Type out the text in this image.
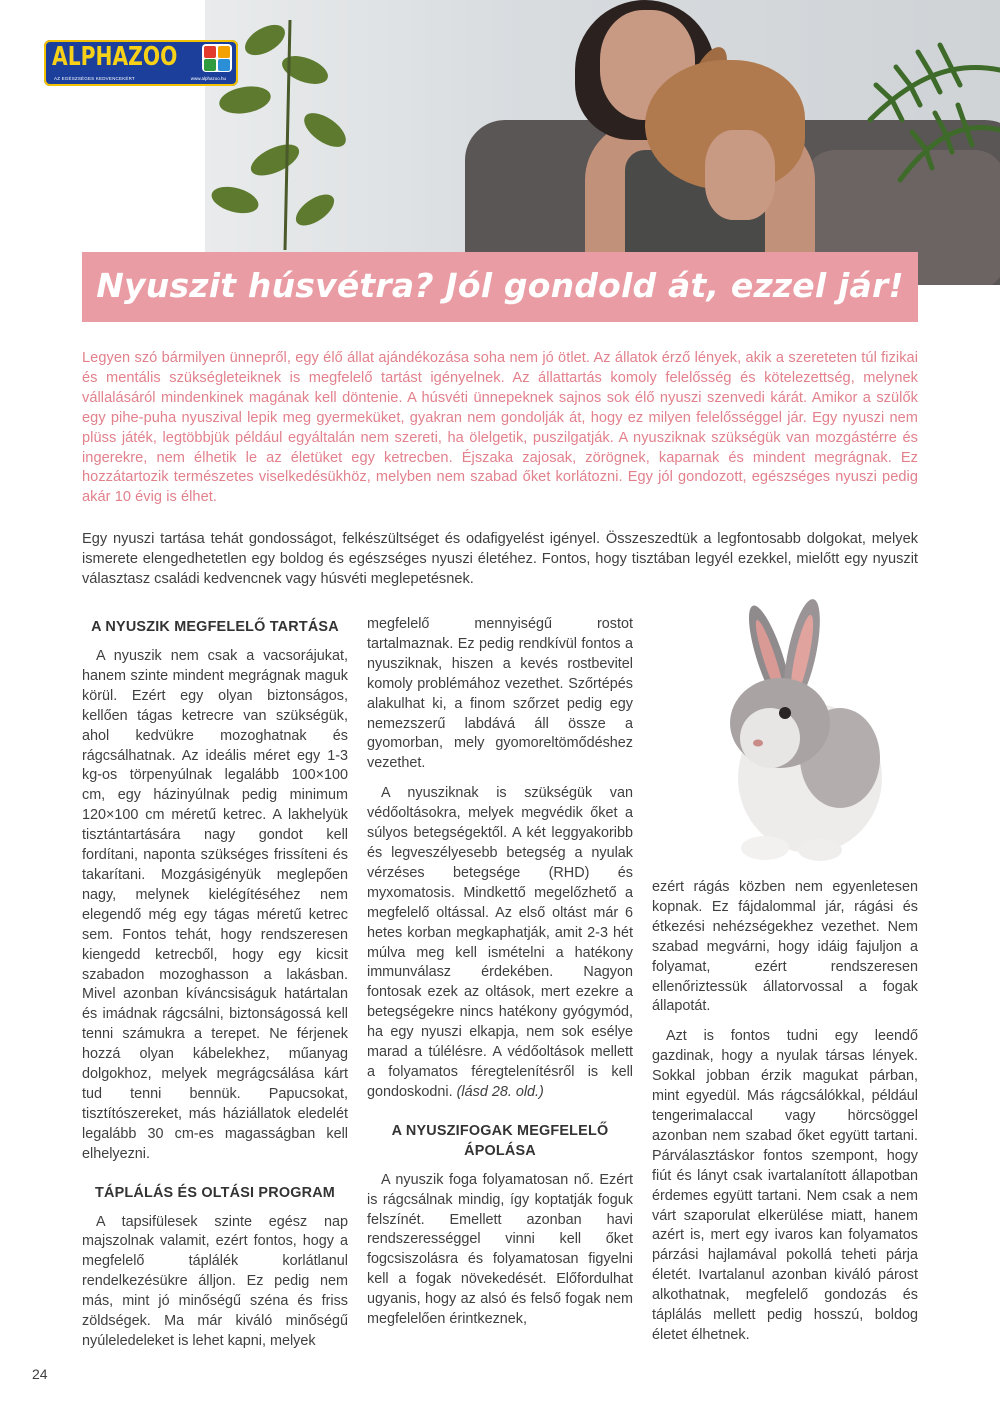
ALPHAZOO
AZ EGÉSZSÉGES KEDVENCEKÉRT	www.alphazoo.hu
Nyuszit húsvétra? Jól gondold át, ezzel jár!

Legyen szó bármilyen ünnepről, egy élő állat ajándékozása soha nem jó ötlet. Az állatok érző lények, akik a szereteten túl fizikai és mentális szükségleteiknek is megfelelő tartást igényelnek. Az állattartás komoly felelősség és kötelezettség, melynek vállalásáról mindenkinek magának kell döntenie. A húsvéti ünnepeknek sajnos sok élő nyuszi szenvedi kárát. Amikor a szülők egy pihe-puha nyuszival lepik meg gyermeküket, gyakran nem gondolják át, hogy ez milyen felelősséggel jár. Egy nyuszi nem plüss játék, legtöbbjük például egyáltalán nem szereti, ha ölelgetik, puszilgatják. A nyusziknak szükségük van mozgástérre és ingerekre, nem élhetik le az életüket egy ketrecben. Éjszaka zajosak, zörögnek, kaparnak és mindent megrágnak. Ez hozzátartozik természetes viselkedésükhöz, melyben nem szabad őket korlátozni. Egy jól gondozott, egészséges nyuszi pedig akár 10 évig is élhet.

Egy nyuszi tartása tehát gondosságot, felkészültséget és odafigyelést igényel. Összeszedtük a legfontosabb dolgokat, melyek ismerete elengedhetetlen egy boldog és egészséges nyuszi életéhez. Fontos, hogy tisztában legyél ezekkel, mielőtt egy nyuszit választasz családi kedvencnek vagy húsvéti meglepetésnek.

A NYUSZIK MEGFELELŐ TARTÁSA

A nyuszik nem csak a vacsorájukat, hanem szinte mindent megrágnak maguk körül. Ezért egy olyan biztonságos, kellően tágas ketrecre van szükségük, ahol kedvükre mozoghatnak és rágcsálhatnak. Az ideális méret egy 1-3 kg-os törpenyúlnak legalább 100×100 cm, egy házinyúlnak pedig minimum 120×100 cm méretű ketrec. A lakhelyük tisztántartására nagy gondot kell fordítani, naponta szükséges frissíteni és takarítani. Mozgásigényük meglepően nagy, melynek kielégítéséhez nem elegendő még egy tágas méretű ketrec sem. Fontos tehát, hogy rendszeresen kiengedd ketrecből, hogy egy kicsit szabadon mozoghasson a lakásban. Mivel azonban kíváncsiságuk határtalan és imádnak rágcsálni, biztonságossá kell tenni számukra a terepet. Ne férjenek hozzá olyan kábelekhez, műanyag dolgokhoz, melyek megrágcsálása kárt tud tenni bennük. Papucsokat, tisztítószereket, más háziállatok eledelét legalább 30 cm-es magasságban kell elhelyezni.

TÁPLÁLÁS ÉS OLTÁSI PROGRAM

A tapsifülesek szinte egész nap majszolnak valamit, ezért fontos, hogy a megfelelő táplálék korlátlanul rendelkezésükre álljon. Ez pedig nem más, mint jó minőségű széna és friss zöldségek. Ma már kiváló minőségű nyúleledeleket is lehet kapni, melyek

megfelelő mennyiségű rostot tartalmaznak. Ez pedig rendkívül fontos a nyusziknak, hiszen a kevés rostbevitel komoly problémához vezethet. Szőrtépés alakulhat ki, a finom szőrzet pedig egy nemezszerű labdává áll össze a gyomorban, mely gyomoreltömődéshez vezethet.

A nyusziknak is szükségük van védőoltásokra, melyek megvédik őket a súlyos betegségektől. A két leggyakoribb és legveszélyesebb betegség a nyulak vérzéses betegsége (RHD) és myxomatosis. Mindkettő megelőzhető a megfelelő oltással. Az első oltást már 6 hetes korban megkaphatják, amit 2-3 hét múlva meg kell ismételni a hatékony immunválasz érdekében. Nagyon fontosak ezek az oltások, mert ezekre a betegségekre nincs hatékony gyógymód, ha egy nyuszi elkapja, nem sok esélye marad a túlélésre. A védőoltások mellett a folyamatos féregtelenítésről is kell gondoskodni. (lásd 28. old.)

A NYUSZIFOGAK MEGFELELŐ
ÁPOLÁSA

A nyuszik foga folyamatosan nő. Ezért is rágcsálnak mindig, így koptatják foguk felszínét. Emellett azonban havi rendszerességgel vinni kell őket fogcsiszolásra és folyamatosan figyelni kell a fogak növekedését. Előfordulhat ugyanis, hogy az alsó és felső fogak nem megfelelően érintkeznek,

ezért rágás közben nem egyenletesen kopnak. Ez fájdalommal jár, rágási és étkezési nehézségekhez vezethet. Nem szabad megvárni, hogy idáig fajuljon a folyamat, ezért rendszeresen ellenőriztessük állatorvossal a fogak állapotát.

Azt is fontos tudni egy leendő gazdinak, hogy a nyulak társas lények. Sokkal jobban érzik magukat párban, mint egyedül. Más rágcsálókkal, például tengerimalaccal vagy hörcsöggel azonban nem szabad őket együtt tartani. Párválasztáskor fontos szempont, hogy fiút és lányt csak ivartalanított állapotban érdemes együtt tartani. Nem csak a nem várt szaporulat elkerülése miatt, hanem azért is, mert egy ivaros kan folyamatos párzási hajlamával pokollá teheti párja életét. Ivartalanul azonban kiváló párost alkothatnak, megfelelő gondozás és táplálás mellett pedig hosszú, boldog életet élhetnek.

24
